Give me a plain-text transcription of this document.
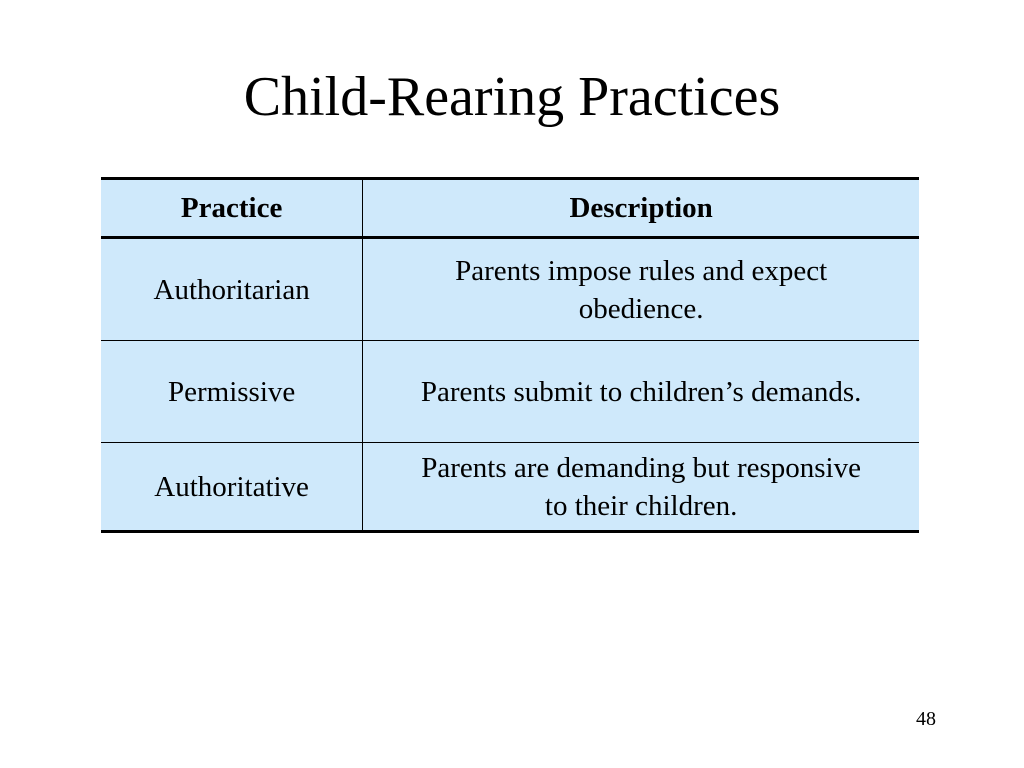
Child-Rearing Practices
Practice	Description
Authoritarian	Parents impose rules and expect obedience.

Permissive	Parents submit to children’s demands.

Authoritative	Parents are demanding but responsive to their children.
48
